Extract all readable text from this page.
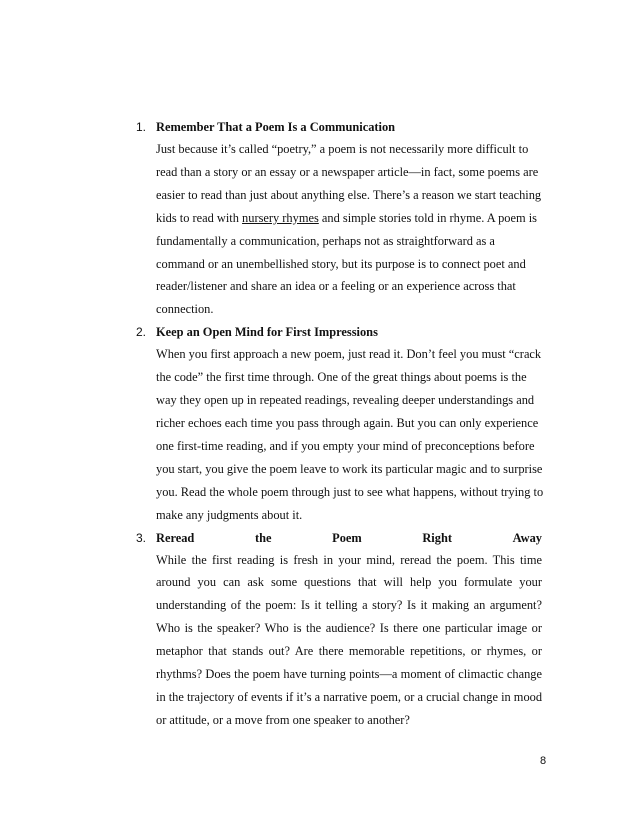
1. Remember That a Poem Is a Communication
Just because it’s called “poetry,” a poem is not necessarily more difficult to
read than a story or an essay or a newspaper article—in fact, some poems are
easier to read than just about anything else. There’s a reason we start teaching
kids to read with nursery rhymes and simple stories told in rhyme. A poem is
fundamentally a communication, perhaps not as straightforward as a
command or an unembellished story, but its purpose is to connect poet and
reader/listener and share an idea or a feeling or an experience across that
connection.
2. Keep an Open Mind for First Impressions
When you first approach a new poem, just read it. Don’t feel you must “crack
the code” the first time through. One of the great things about poems is the
way they open up in repeated readings, revealing deeper understandings and
richer echoes each time you pass through again. But you can only experience
one first-time reading, and if you empty your mind of preconceptions before
you start, you give the poem leave to work its particular magic and to surprise
you. Read the whole poem through just to see what happens, without trying to
make any judgments about it.
3. Reread	the	Poem	Right	Away
While the first reading is fresh in your mind, reread the poem. This time
around you can ask some questions that will help you formulate your
understanding of the poem: Is it telling a story? Is it making an argument?
Who is the speaker? Who is the audience? Is there one particular image or
metaphor that stands out? Are there memorable repetitions, or rhymes, or
rhythms? Does the poem have turning points—a moment of climactic change
in the trajectory of events if it’s a narrative poem, or a crucial change in mood
or attitude, or a move from one speaker to another?
8
